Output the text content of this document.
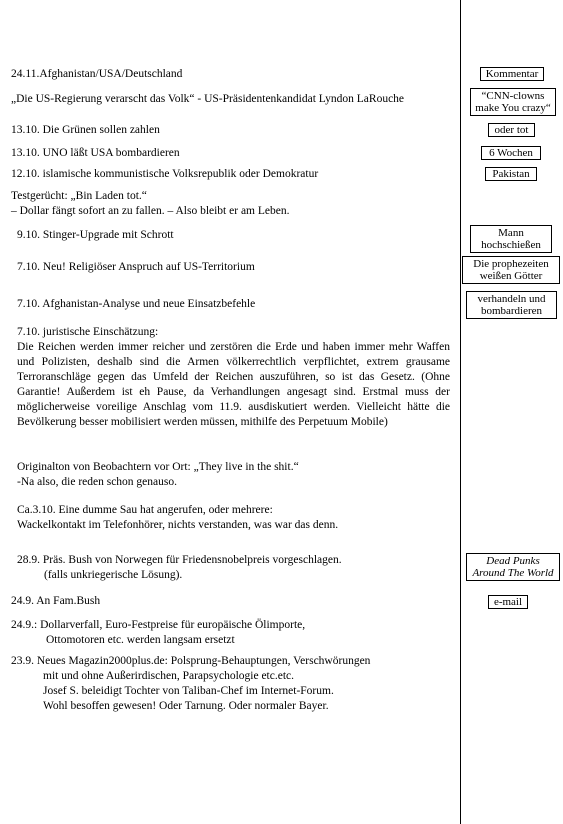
24.11.Afghanistan/USA/Deutschland
„Die US-Regierung verarscht das Volk“ - US-Präsidentenkandidat Lyndon LaRouche
13.10. Die Grünen sollen zahlen
13.10. UNO läßt USA bombardieren
12.10. islamische kommunistische Volksrepublik oder Demokratur
Testgerücht: „Bin Laden tot.“
– Dollar fängt sofort an zu fallen. – Also bleibt er am Leben.
9.10. Stinger-Upgrade mit Schrott
7.10. Neu! Religiöser Anspruch auf US-Territorium
7.10. Afghanistan-Analyse und neue Einsatzbefehle
7.10. juristische Einschätzung:
Die Reichen werden immer reicher und zerstören die Erde und haben immer mehr Waffen und Polizisten, deshalb sind die Armen völkerrechtlich verpflichtet, extrem grausame Terroranschläge gegen das Umfeld der Reichen auszuführen, so ist das Gesetz. (Ohne Garantie! Außerdem ist eh Pause, da Verhandlungen angesagt sind. Erstmal muss der möglicherweise voreilige Anschlag vom 11.9. ausdiskutiert werden. Vielleicht hätte die Bevölkerung besser mobilisiert werden müssen, mithilfe des Perpetuum Mobile)
Originalton von Beobachtern vor Ort: „They live in the shit.“
-Na also, die reden schon genauso.
Ca.3.10. Eine dumme Sau hat angerufen, oder mehrere:
Wackelkontakt im Telefonhörer, nichts verstanden, was war das denn.
28.9. Präs. Bush von Norwegen für Friedensnobelpreis vorgeschlagen.
(falls unkriegerische Lösung).
24.9. An Fam.Bush
24.9.: Dollarverfall, Euro-Festpreise für europäische Ölimporte,
Ottomotoren etc. werden langsam ersetzt
23.9. Neues Magazin2000plus.de: Polsprung-Behauptungen, Verschwörungen
mit und ohne Außerirdischen, Parapsychologie etc.etc.
Josef S. beleidigt Tochter von Taliban-Chef im Internet-Forum.
Wohl besoffen gewesen! Oder Tarnung. Oder normaler Bayer.
Kommentar
“CNN-clowns
make You crazy“
oder tot
6 Wochen
Pakistan
Mann
hochschießen
Die prophezeiten
weißen Götter
verhandeln und
bombardieren
Dead Punks
Around The World
e-mail
